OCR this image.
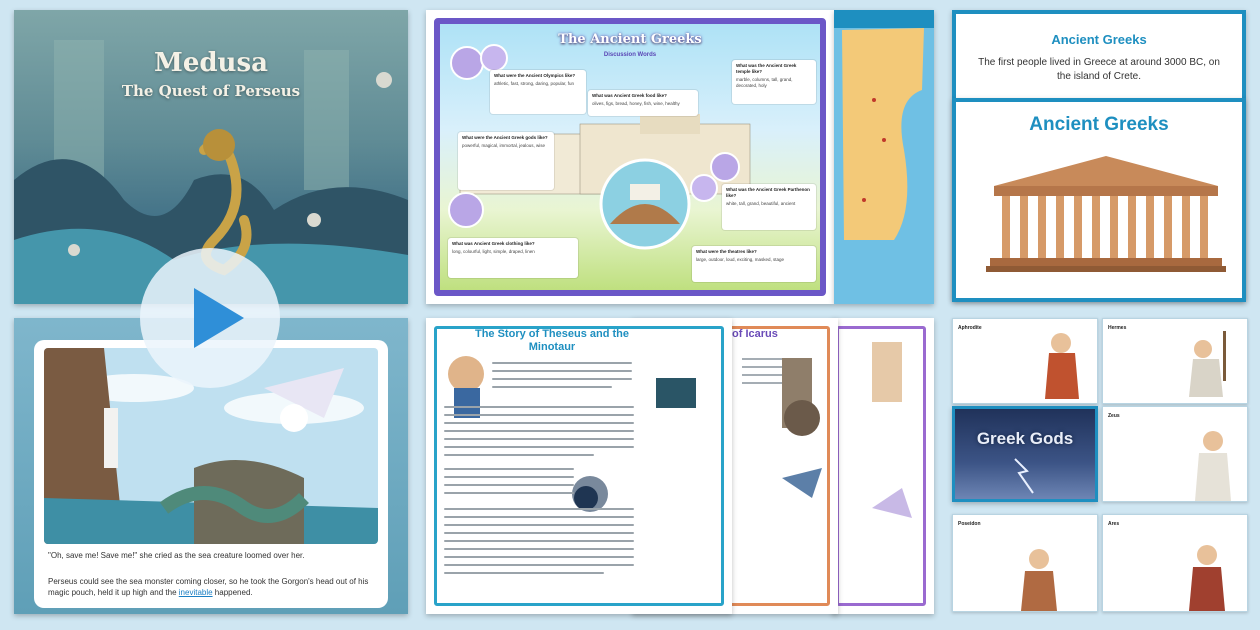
Medusa
The Quest of Perseus
"Oh, save me! Save me!" she cried as the sea creature loomed over her.
Perseus could see the sea monster coming closer, so he took the Gorgon's head out of his magic pouch, held it up high and the inevitable happened.
The Ancient Greeks
Discussion Words
What were the Ancient Olympics like?
athletic, fast, strong, daring, popular, fun
What was Ancient Greek food like?
olives, figs, bread, honey, fish, wine, healthy
What was the Ancient Greek temple like?
marble, columns, tall, grand, decorated, holy
What were the Ancient Greek gods like?
powerful, magical, immortal, jealous, wise
What was the Ancient Greek Parthenon like?
white, tall, grand, beautiful, ancient
What was Ancient Greek clothing like?
long, colourful, light, simple, draped, linen	What were the theatres like?
large, outdoor, loud, exciting, masked, stage
Ancient Greeks
The first people lived in Greece at around 3000 BC, on the island of Crete.
Ancient Greeks
of Icarus
The Story of Theseus and the Minotaur
Aphrodite	Hermes
Greek Gods
Zeus
Poseidon	Ares
